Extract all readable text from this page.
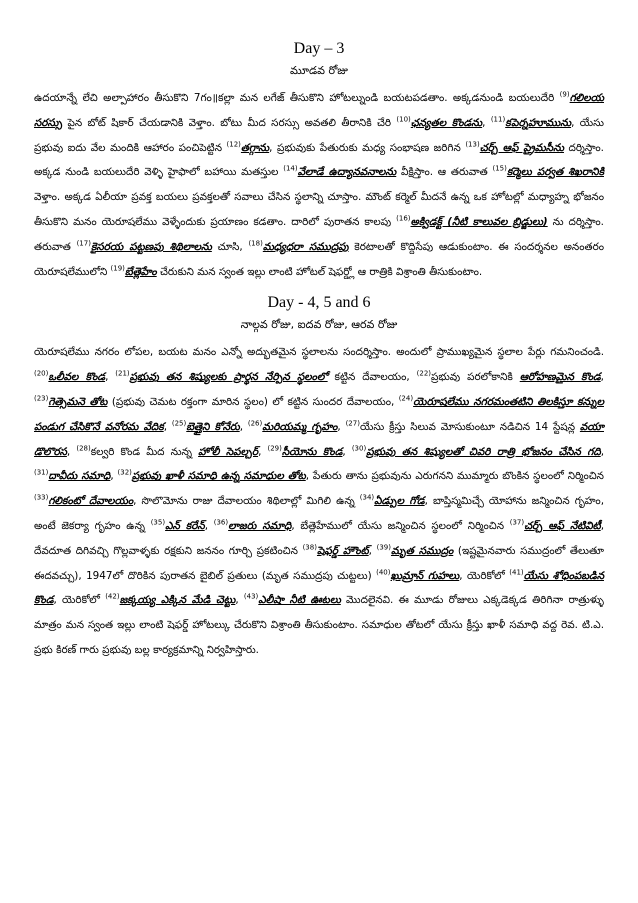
Day – 3
మూడవ రోజు

ఉదయాన్నే లేచి అల్పాహారం తీసుకొని 7గం॥కల్లా మన లగేజ్ తీసుకొని హోటల్నుండి బయటపడతాం. అక్కడనుండి బయలుదేరి $^{(9)}$గలిలయ సరస్సు పైన బోట్ షికార్ చేయడానికి వెళ్తాం. బోటు మీద సరస్సు అవతలి తీరానికి చేరి $^{(10)}$ఛన్యతల కొండను, $^{(11)}$కపెర్నహూమును, యేసు ప్రభువు ఐదు వేల మందికి ఆహారం పంచిపెట్టిన $^{(12)}$తగ్గాను, ప్రభువుకు పేతురుకు మధ్య సంభాషణ జరిగిన $^{(13)}$చర్చ్ ఆఫ్ ప్రైమసీను దర్శిస్తాం. అక్కడ నుండి బయలుదేరి వెళ్ళి హైఫాలో బహాయి మతస్తుల $^{(14)}$వేలాడే ఉద్యానవనాలను వీక్షిస్తాం. ఆ తరువాత $^{(15)}$కర్మెలు పర్వత శిఖరానికి వెళ్తాం. అక్కడ ఏలీయా ప్రవక్త బయలు ప్రవక్తలతో సవాలు చేసిన స్థలాన్ని చూస్తాం. మౌంట్ కర్మెల్ మీదనే ఉన్న ఒక హోటల్లో మధ్యాహ్న భోజనం తీసుకొని మనం యెరూషలేము వెళ్ళేందుకు ప్రయాణం కడతాం. దారిలో పురాతన కాలపు $^{(16)}$అక్విడక్ట్ (నీటి కాలువల బ్రిడ్జులు) ను దర్శిస్తాం. తరువాత $^{(17)}$కైసరయ పట్టణపు శిథిలాలను చూసి, $^{(18)}$మధ్యధరా సముద్రపు కెరటాలతో కొద్దిసేపు ఆడుకుంటాం. ఈ సందర్శనల అనంతరం యెరూషలేములోని $^{(19)}$బేత్లెహేం చేరుకుని మన స్వంత ఇల్లు లాంటి హోటల్ షెఫర్డ్లో ఆ రాత్రికి విశ్రాంతి తీసుకుంటాం.

Day - 4, 5 and 6
నాల్గవ రోజు, ఐదవ రోజు, ఆరవ రోజు

యెరూషలేము నగరం లోపల, బయట మనం ఎన్నో అద్భుతమైన స్థలాలను సందర్శిస్తాం. అందులో ప్రాముఖ్యమైన స్థలాల పేర్లు గమనించండి. $^{(20)}$ఒలీవల కొండ, $^{(21)}$ప్రభువు తన శిష్యులకు ప్రార్థన నేర్పిన స్థలంలో కట్టిన దేవాలయం, $^{(22)}$ప్రభువు పరలోకానికి ఆరోహణమైన కొండ, $^{(23)}$గెత్సెమనె తోట (ప్రభువు చెమట రక్తంగా మారిన స్థలం) లో కట్టిన సుందర దేవాలయం, $^{(24)}$యెరూషలేము నగరమంతటిని తిలకిస్తూ కన్నుల పండుగ చేసికొనే వనోరమ వేదిక, $^{(25)}$బెత్తైని కోనేరు, $^{(26)}$మరియమ్మ గృహం, $^{(27)}$యేసు క్రీస్తు సిలువ మోసుకుంటూ నడిచిన 14 స్టేషన్ల వయా డొలొరస, $^{(28)}$కల్వరి కొండ మీద నున్న హోలీ సెపల్చర్, $^{(29)}$సీయోను కొండ, $^{(30)}$ప్రభువు తన శిష్యులతో చివరి రాత్రి భోజనం చేసిన గది, $^{(31)}$దావీదు సమాధి, $^{(32)}$ప్రభువు ఖాళీ సమాధి ఉన్న సమాధుల తోట, పేతురు తాను ప్రభువును ఎరుగనని ముమ్మారు బొంకిన స్థలంలో నిర్మించిన $^{(33)}$గలికంటో దేవాలయం, సొలొమోను రాజు దేవాలయం శిథిలాల్లో మిగిలి ఉన్న $^{(34)}$ఏడ్పుల గోడ, బాప్తిస్మమిచ్చే యోహాను జన్మించిన గృహం, అంటే జెకర్యా గృహం ఉన్న $^{(35)}$ఎన్ కరేన్, $^{(36)}$లాజరు సమాధి, బేత్లెహేములో యేసు జన్మించిన స్థలంలో నిర్మించిన $^{(37)}$చర్చ్ ఆఫ్ నేటివిటీ, దేవదూత దిగివచ్చి గొల్లవాళ్ళకు రక్షకుని జననం గూర్చి ప్రకటించిన $^{(38)}$షెఫర్డ్ హౌంట్, $^{(39)}$మృత సముద్రం (ఇష్టమైనవారు సముద్రంలో తేలుతూ ఈదవచ్చు), 1947లో దొరికిన పురాతన బైబిల్ ప్రతులు (మృత సముద్రపు చుట్టలు) $^{(40)}$ఖుమ్రాన్ గుహలు, యెరికోలో $^{(41)}$యేసు శోధింపబడిన కొండ, యెరికోలో $^{(42)}$జక్కయ్య ఎక్కిన మేడి చెట్టు, $^{(43)}$ఎలీషా నీటి ఊటలు మొదలైనవి. ఈ మూడు రోజులు ఎక్కడెక్కడ తిరిగినా రాత్రుళ్ళు మాత్రం మన స్వంత ఇల్లు లాంటి షెఫర్డ్ హోటల్కు చేరుకొని విశ్రాంతి తీసుకుంటాం. సమాధుల తోటలో యేసు క్రీస్తు ఖాళీ సమాధి వద్ద రెవ. టి.ఎ. ప్రభు కిరణ్ గారు ప్రభువు బల్ల కార్యక్రమాన్ని నిర్వహిస్తారు.
